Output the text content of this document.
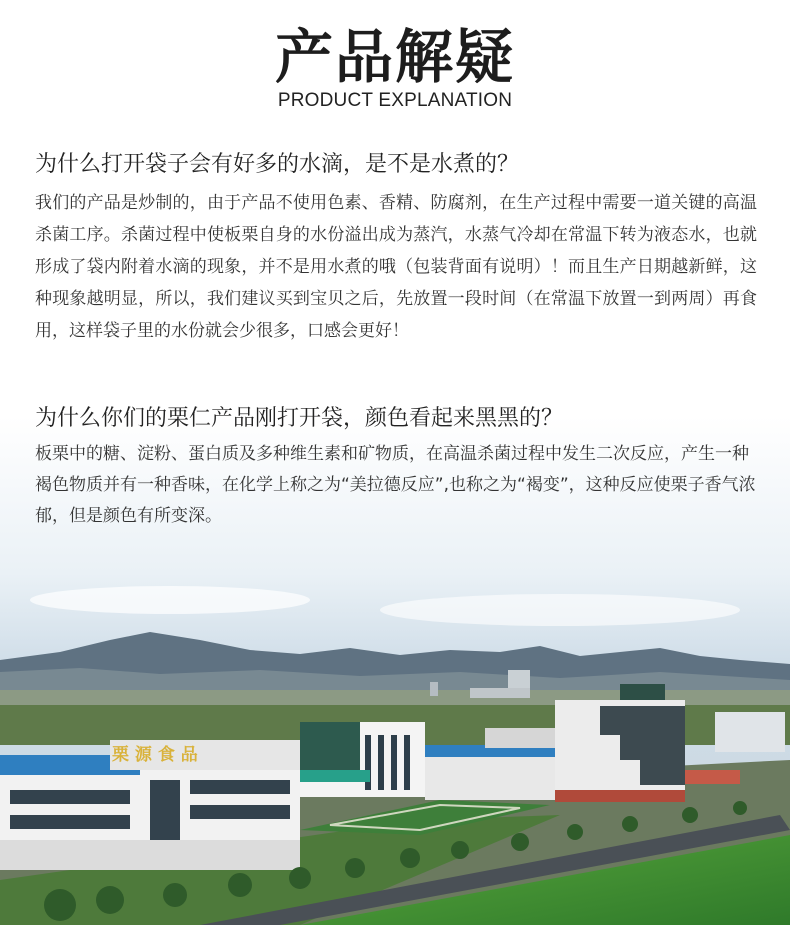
栗 源 食 品
产品解疑
PRODUCT EXPLANATION
为什么打开袋子会有好多的水滴，是不是水煮的？
我们的产品是炒制的，由于产品不使用色素、香精、防腐剂，在生产过程中需要一道关键的高温杀菌工序。杀菌过程中使板栗自身的水份溢出成为蒸汽，水蒸气冷却在常温下转为液态水，也就形成了袋内附着水滴的现象，并不是用水煮的哦（包装背面有说明）！而且生产日期越新鲜，这种现象越明显，所以，我们建议买到宝贝之后，先放置一段时间（在常温下放置一到两周）再食用，这样袋子里的水份就会少很多，口感会更好！
为什么你们的栗仁产品刚打开袋，颜色看起来黑黑的？
板栗中的糖、淀粉、蛋白质及多种维生素和矿物质，在高温杀菌过程中发生二次反应，产生一种褐色物质并有一种香味，在化学上称之为“美拉德反应”,也称之为“褐变”，这种反应使栗子香气浓郁，但是颜色有所变深。
